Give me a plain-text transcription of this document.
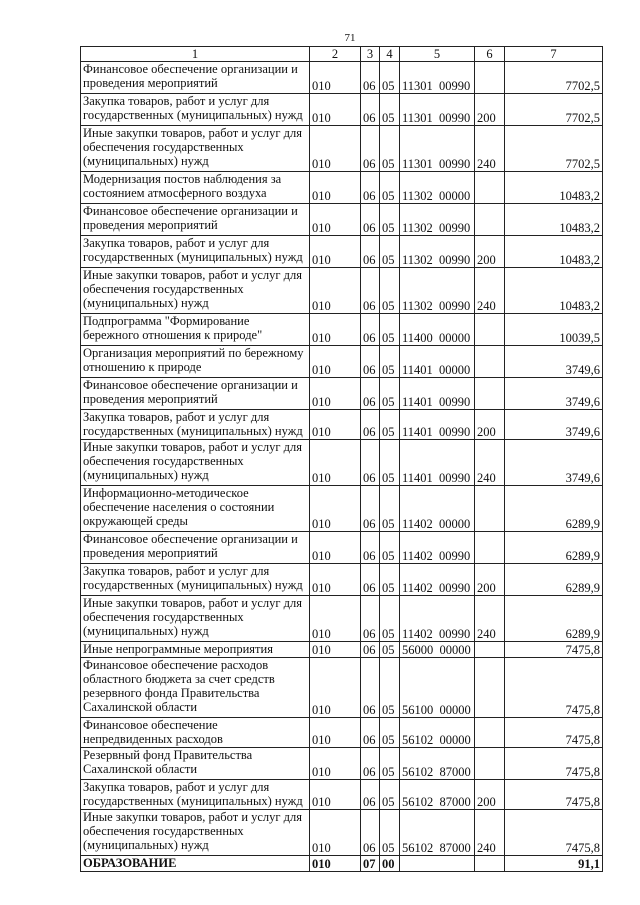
71
1	2	3	4	5	6	7
Финансовое обеспечение организации и проведения мероприятий	010	06	05	11301  00990		7702,5
Закупка товаров, работ и услуг для государственных (муниципальных) нужд	010	06	05	11301  00990	200	7702,5
Иные закупки товаров, работ и услуг для обеспечения государственных (муниципальных) нужд	010	06	05	11301  00990	240	7702,5
Модернизация постов наблюдения за состоянием атмосферного воздуха	010	06	05	11302  00000		10483,2
Финансовое обеспечение организации и проведения мероприятий	010	06	05	11302  00990		10483,2
Закупка товаров, работ и услуг для государственных (муниципальных) нужд	010	06	05	11302  00990	200	10483,2
Иные закупки товаров, работ и услуг для обеспечения государственных (муниципальных) нужд	010	06	05	11302  00990	240	10483,2
Подпрограмма "Формирование бережного отношения к природе"	010	06	05	11400  00000		10039,5
Организация мероприятий по бережному отношению к природе	010	06	05	11401  00000		3749,6
Финансовое обеспечение организации и проведения мероприятий	010	06	05	11401  00990		3749,6
Закупка товаров, работ и услуг для государственных (муниципальных) нужд	010	06	05	11401  00990	200	3749,6
Иные закупки товаров, работ и услуг для обеспечения государственных (муниципальных) нужд	010	06	05	11401  00990	240	3749,6
Информационно-методическое обеспечение населения о состоянии окружающей среды	010	06	05	11402  00000		6289,9
Финансовое обеспечение организации и проведения мероприятий	010	06	05	11402  00990		6289,9
Закупка товаров, работ и услуг для государственных (муниципальных) нужд	010	06	05	11402  00990	200	6289,9
Иные закупки товаров, работ и услуг для обеспечения государственных (муниципальных) нужд	010	06	05	11402  00990	240	6289,9
Иные непрограммные мероприятия	010	06	05	56000  00000		7475,8
Финансовое обеспечение расходов областного бюджета за счет средств резервного фонда Правительства Сахалинской области	010	06	05	56100  00000		7475,8
Финансовое обеспечение непредвиденных расходов	010	06	05	56102  00000		7475,8
Резервный фонд Правительства Сахалинской области	010	06	05	56102  87000		7475,8
Закупка товаров, работ и услуг для государственных (муниципальных) нужд	010	06	05	56102  87000	200	7475,8
Иные закупки товаров, работ и услуг для обеспечения государственных (муниципальных) нужд	010	06	05	56102  87000	240	7475,8
ОБРАЗОВАНИЕ	010	07	00			91,1
